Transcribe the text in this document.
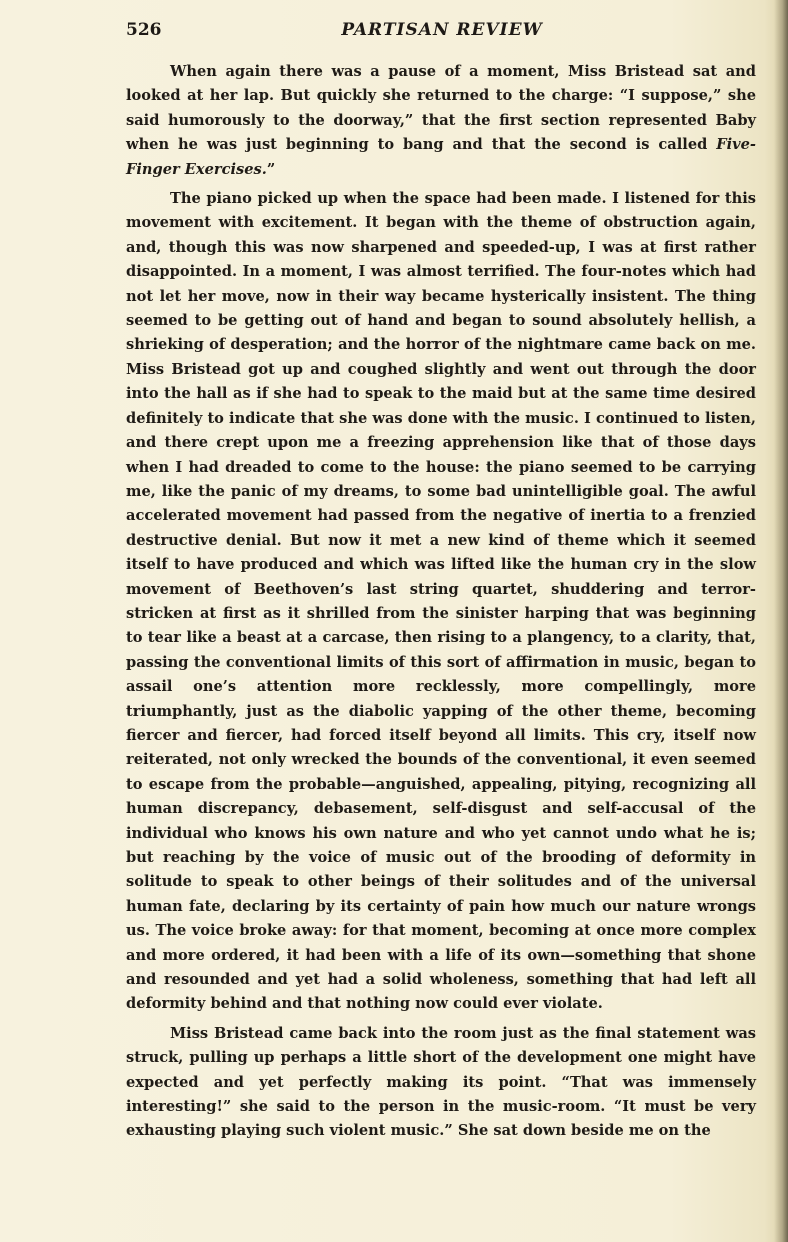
526	PARTISAN REVIEW

When again there was a pause of a moment, Miss Bristead sat and looked at her lap. But quickly she returned to the charge: “I suppose,” she said humorously to the doorway,” that the first section represented Baby when he was just beginning to bang and that the second is called Five-Finger Exercises.”

The piano picked up when the space had been made. I listened for this movement with excitement. It began with the theme of obstruction again, and, though this was now sharpened and speeded-up, I was at first rather disappointed. In a moment, I was almost terrified. The four-notes which had not let her move, now in their way became hysterically insistent. The thing seemed to be getting out of hand and began to sound absolutely hellish, a shrieking of desperation; and the horror of the nightmare came back on me. Miss Bristead got up and coughed slightly and went out through the door into the hall as if she had to speak to the maid but at the same time desired definitely to indicate that she was done with the music. I continued to listen, and there crept upon me a freezing apprehension like that of those days when I had dreaded to come to the house: the piano seemed to be carrying me, like the panic of my dreams, to some bad unintelligible goal. The awful accelerated movement had passed from the negative of inertia to a frenzied destructive denial. But now it met a new kind of theme which it seemed itself to have produced and which was lifted like the human cry in the slow movement of Beethoven’s last string quartet, shuddering and terror-stricken at first as it shrilled from the sinister harping that was beginning to tear like a beast at a carcase, then rising to a plangency, to a clarity, that, passing the conventional limits of this sort of affirmation in music, began to assail one’s attention more recklessly, more compellingly, more triumphantly, just as the diabolic yapping of the other theme, becoming fiercer and fiercer, had forced itself beyond all limits. This cry, itself now reiterated, not only wrecked the bounds of the conventional, it even seemed to escape from the probable—anguished, appealing, pitying, recognizing all human discrepancy, debasement, self-disgust and self-accusal of the individual who knows his own nature and who yet cannot undo what he is; but reaching by the voice of music out of the brooding of deformity in solitude to speak to other beings of their solitudes and of the universal human fate, declaring by its certainty of pain how much our nature wrongs us. The voice broke away: for that moment, becoming at once more complex and more ordered, it had been with a life of its own—something that shone and resounded and yet had a solid wholeness, something that had left all deformity behind and that nothing now could ever violate.

Miss Bristead came back into the room just as the final statement was struck, pulling up perhaps a little short of the development one might have expected and yet perfectly making its point. “That was immensely interesting!” she said to the person in the music-room. “It must be very exhausting playing such violent music.” She sat down beside me on the
